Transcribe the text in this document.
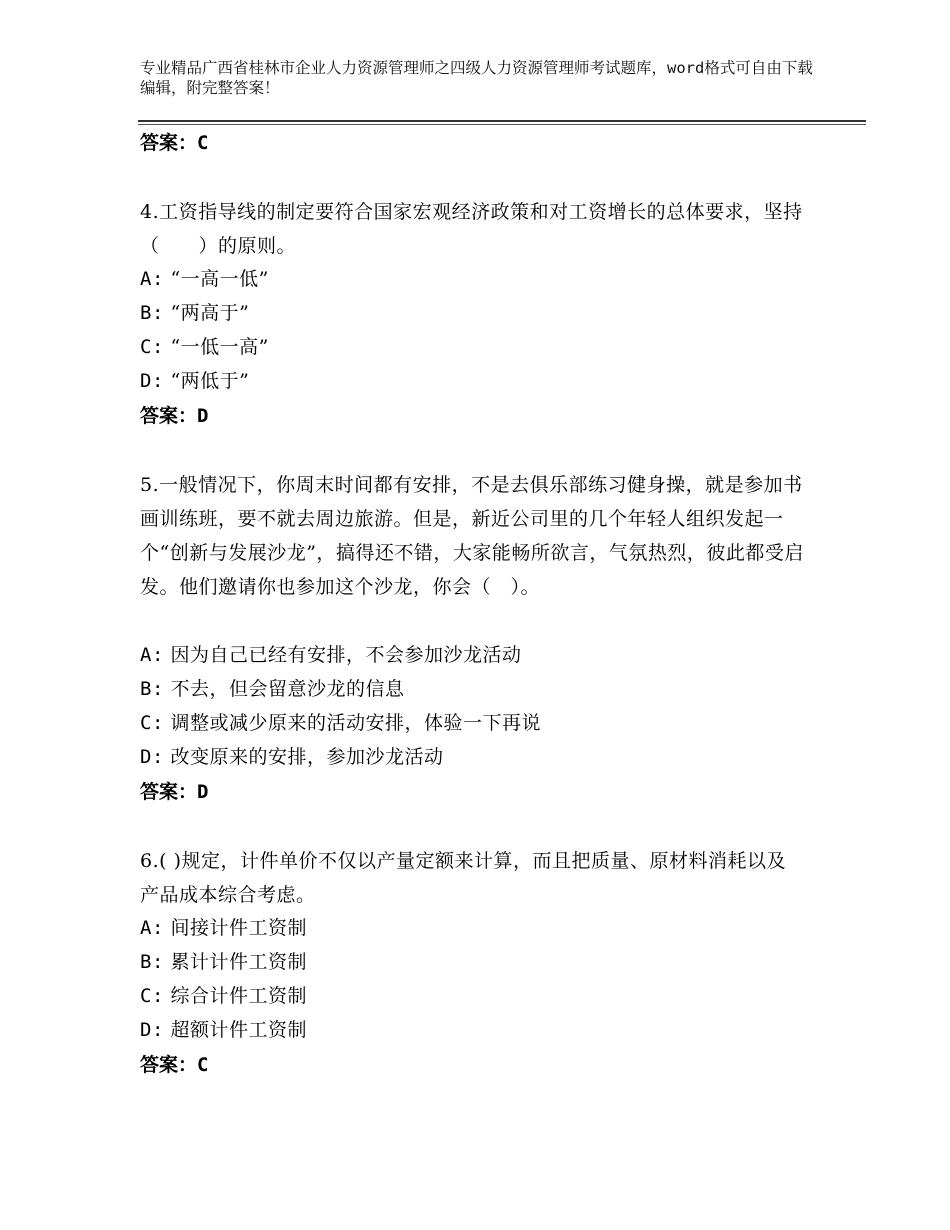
专业精品广西省桂林市企业人力资源管理师之四级人力资源管理师考试题库，word格式可自由下载编辑，附完整答案！
答案：C
4.工资指导线的制定要符合国家宏观经济政策和对工资增长的总体要求，坚持（　　）的原则。
A: “一高一低”
B: “两高于”
C: “一低一高”
D: “两低于”
答案：D
5.一般情况下，你周末时间都有安排，不是去俱乐部练习健身操，就是参加书画训练班，要不就去周边旅游。但是，新近公司里的几个年轻人组织发起一个“创新与发展沙龙”，搞得还不错，大家能畅所欲言，气氛热烈，彼此都受启发。他们邀请你也参加这个沙龙，你会（　）。
A: 因为自己已经有安排，不会参加沙龙活动
B: 不去，但会留意沙龙的信息
C: 调整或减少原来的活动安排，体验一下再说
D: 改变原来的安排，参加沙龙活动
答案：D
6.( )规定，计件单价不仅以产量定额来计算，而且把质量、原材料消耗以及产品成本综合考虑。
A: 间接计件工资制
B: 累计计件工资制
C: 综合计件工资制
D: 超额计件工资制
答案：C
